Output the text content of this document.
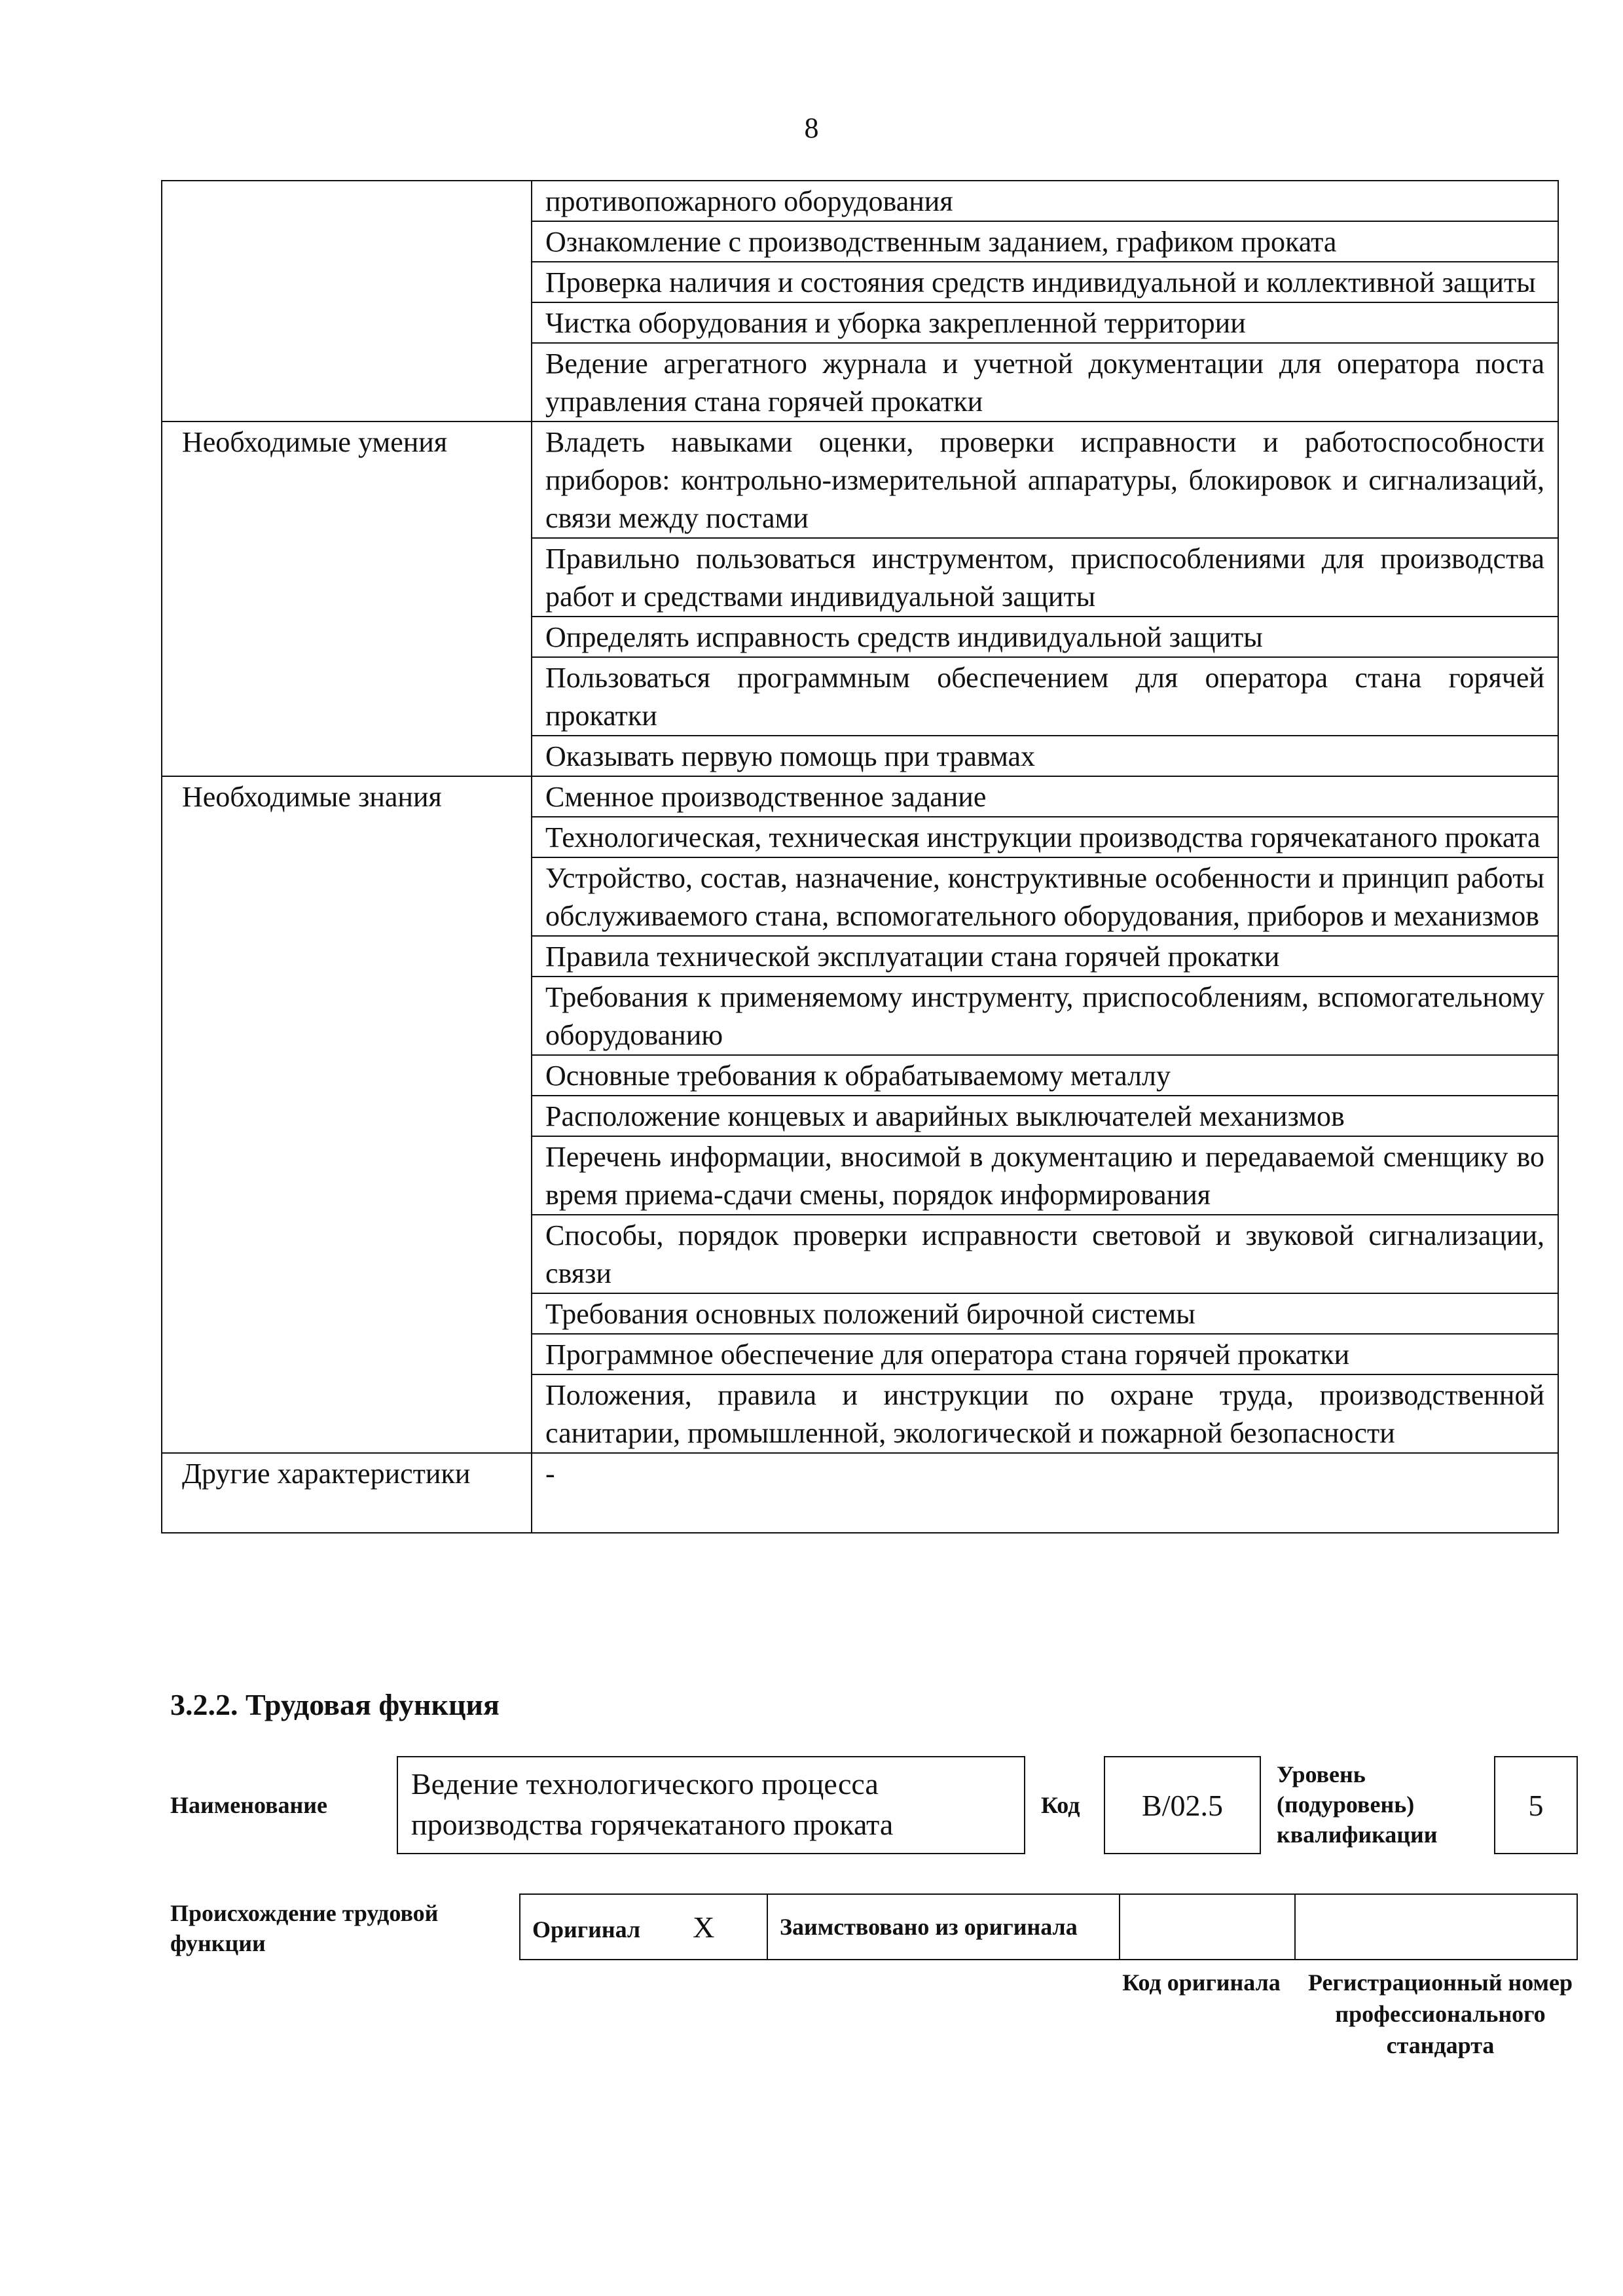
8
	противопожарного оборудования
	Ознакомление с производственным заданием, графиком проката
	Проверка наличия и состояния средств индивидуальной и коллективной защиты
	Чистка оборудования и уборка закрепленной территории
	Ведение агрегатного журнала и учетной документации для оператора поста управления стана горячей прокатки
Необходимые умения	Владеть навыками оценки, проверки исправности и работоспособности приборов: контрольно-измерительной аппаратуры, блокировок и сигнализаций, связи между постами
	Правильно пользоваться инструментом, приспособлениями для производства работ и средствами индивидуальной защиты
	Определять исправность средств индивидуальной защиты
	Пользоваться программным обеспечением для оператора стана горячей прокатки
	Оказывать первую помощь при травмах
Необходимые знания	Сменное производственное задание
	Технологическая, техническая инструкции производства горячекатаного проката
	Устройство, состав, назначение, конструктивные особенности и принцип работы обслуживаемого стана, вспомогательного оборудования, приборов и механизмов
	Правила технической эксплуатации стана горячей прокатки
	Требования к применяемому инструменту, приспособлениям, вспомогательному оборудованию
	Основные требования к обрабатываемому металлу
	Расположение концевых и аварийных выключателей механизмов
	Перечень информации, вносимой в документацию и передаваемой сменщику во время приема-сдачи смены, порядок информирования
	Способы, порядок проверки исправности световой и звуковой сигнализации, связи
	Требования основных положений бирочной системы
	Программное обеспечение для оператора стана горячей прокатки
	Положения, правила и инструкции по охране труда, производственной санитарии, промышленной, экологической и пожарной безопасности
Другие характеристики	-
3.2.2. Трудовая функция
Наименование
Ведение технологического процесса производства горячекатаного проката
Код	B/02.5
Уровень (подуровень) квалификации
5
Происхождение трудовой функции
Оригинал X	Заимствовано из оригинала		
Код оригинала	Регистрационный номер профессионального стандарта
